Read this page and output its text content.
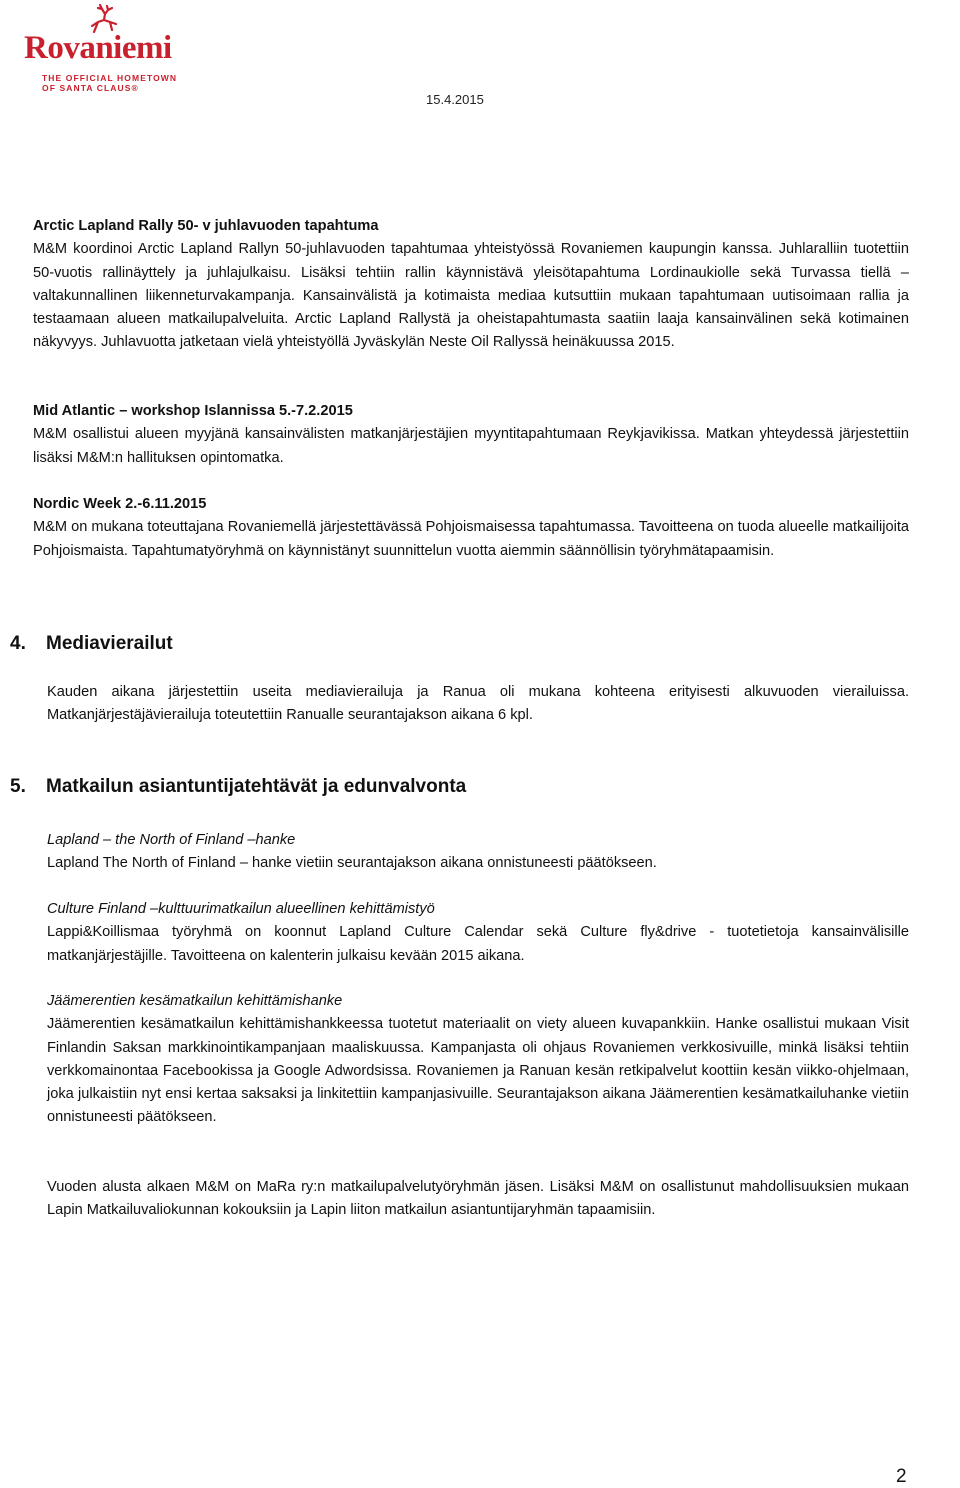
Rovaniemi
THE OFFICIAL HOMETOWN
OF SANTA CLAUS®
15.4.2015
Arctic Lapland Rally 50- v juhlavuoden tapahtuma
M&M koordinoi Arctic Lapland Rallyn 50-juhlavuoden tapahtumaa yhteistyössä Rovaniemen kaupungin kanssa. Juhlaralliin tuotettiin 50-vuotis rallinäyttely ja juhlajulkaisu. Lisäksi tehtiin rallin käynnistävä yleisötapahtuma Lordinaukiolle sekä Turvassa tiellä – valtakunnallinen liikenneturvakampanja. Kansainvälistä ja kotimaista mediaa kutsuttiin mukaan tapahtumaan uutisoimaan rallia ja testaamaan alueen matkailupalveluita. Arctic Lapland Rallystä ja oheistapahtumasta saatiin laaja kansainvälinen sekä kotimainen näkyvyys. Juhlavuotta jatketaan vielä yhteistyöllä Jyväskylän Neste Oil Rallyssä heinäkuussa 2015.
Mid Atlantic – workshop Islannissa 5.-7.2.2015
M&M osallistui alueen myyjänä kansainvälisten matkanjärjestäjien myyntitapahtumaan Reykjavikissa. Matkan yhteydessä järjestettiin lisäksi M&M:n hallituksen opintomatka.
Nordic Week 2.-6.11.2015
M&M on mukana toteuttajana Rovaniemellä järjestettävässä Pohjoismaisessa tapahtumassa. Tavoitteena on tuoda alueelle matkailijoita Pohjoismaista. Tapahtumatyöryhmä on käynnistänyt suunnittelun vuotta aiemmin säännöllisin työryhmätapaamisin.
4. Mediavierailut
Kauden aikana järjestettiin useita mediavierailuja ja Ranua oli mukana kohteena erityisesti alkuvuoden vierailuissa. Matkanjärjestäjävierailuja toteutettiin Ranualle seurantajakson aikana 6 kpl.
5. Matkailun asiantuntijatehtävät ja edunvalvonta
Lapland – the North of Finland –hanke
Lapland The North of Finland – hanke vietiin seurantajakson aikana onnistuneesti päätökseen.
Culture Finland –kulttuurimatkailun alueellinen kehittämistyö
Lappi&Koillismaa työryhmä on koonnut Lapland Culture Calendar sekä Culture fly&drive - tuotetietoja kansainvälisille matkanjärjestäjille. Tavoitteena on kalenterin julkaisu kevään 2015 aikana.
Jäämerentien kesämatkailun kehittämishanke
Jäämerentien kesämatkailun kehittämishankkeessa tuotetut materiaalit on viety alueen kuvapankkiin. Hanke osallistui mukaan Visit Finlandin Saksan markkinointikampanjaan maaliskuussa. Kampanjasta oli ohjaus Rovaniemen verkkosivuille, minkä lisäksi tehtiin verkkomainontaa Facebookissa ja Google Adwordsissa. Rovaniemen ja Ranuan kesän retkipalvelut koottiin kesän viikko-ohjelmaan, joka julkaistiin nyt ensi kertaa saksaksi ja linkitettiin kampanjasivuille. Seurantajakson aikana Jäämerentien kesämatkailuhanke vietiin onnistuneesti päätökseen.
Vuoden alusta alkaen M&M on MaRa ry:n matkailupalvelutyöryhmän jäsen. Lisäksi M&M on osallistunut mahdollisuuksien mukaan Lapin Matkailuvaliokunnan kokouksiin ja Lapin liiton matkailun asiantuntijaryhmän tapaamisiin.
2
